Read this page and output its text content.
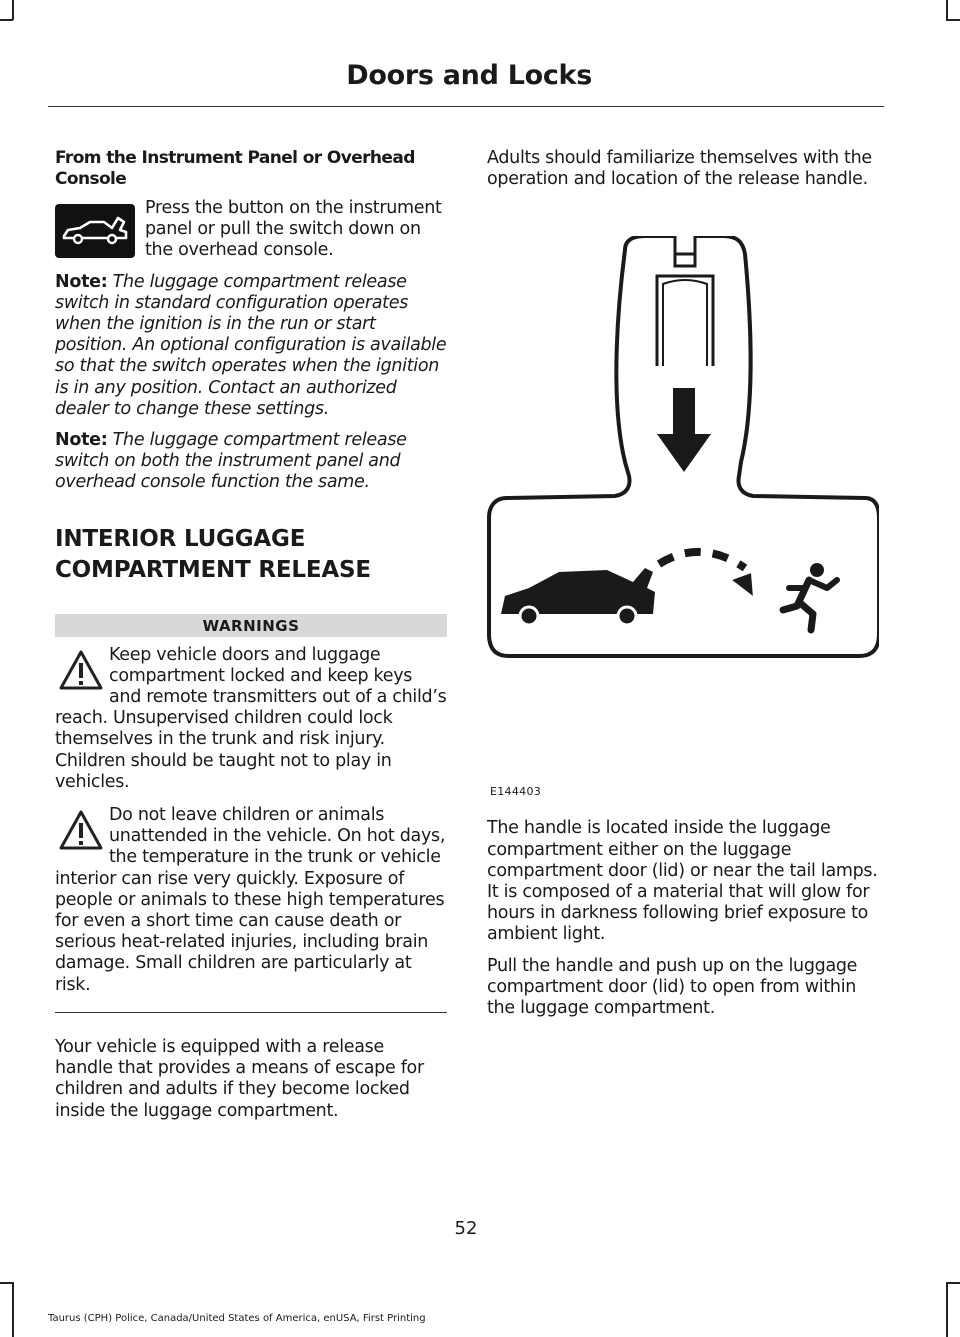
Doors and Locks

From the Instrument Panel or Overhead Console

Press the button on the instrument panel or pull the switch down on the overhead console.

Note: The luggage compartment release switch in standard configuration operates when the ignition is in the run or start position. An optional configuration is available so that the switch operates when the ignition is in any position. Contact an authorized dealer to change these settings.

Note: The luggage compartment release switch on both the instrument panel and overhead console function the same.

INTERIOR LUGGAGE COMPARTMENT RELEASE

WARNINGS

Keep vehicle doors and luggage compartment locked and keep keys and remote transmitters out of a child’s reach. Unsupervised children could lock themselves in the trunk and risk injury. Children should be taught not to play in vehicles.

Do not leave children or animals unattended in the vehicle. On hot days, the temperature in the trunk or vehicle interior can rise very quickly. Exposure of people or animals to these high temperatures for even a short time can cause death or serious heat-related injuries, including brain damage. Small children are particularly at risk.

Your vehicle is equipped with a release handle that provides a means of escape for children and adults if they become locked inside the luggage compartment.

Adults should familiarize themselves with the operation and location of the release handle.

E144403

The handle is located inside the luggage compartment either on the luggage compartment door (lid) or near the tail lamps. It is composed of a material that will glow for hours in darkness following brief exposure to ambient light.

Pull the handle and push up on the luggage compartment door (lid) to open from within the luggage compartment.

52
Taurus (CPH) Police, Canada/United States of America, enUSA, First Printing
